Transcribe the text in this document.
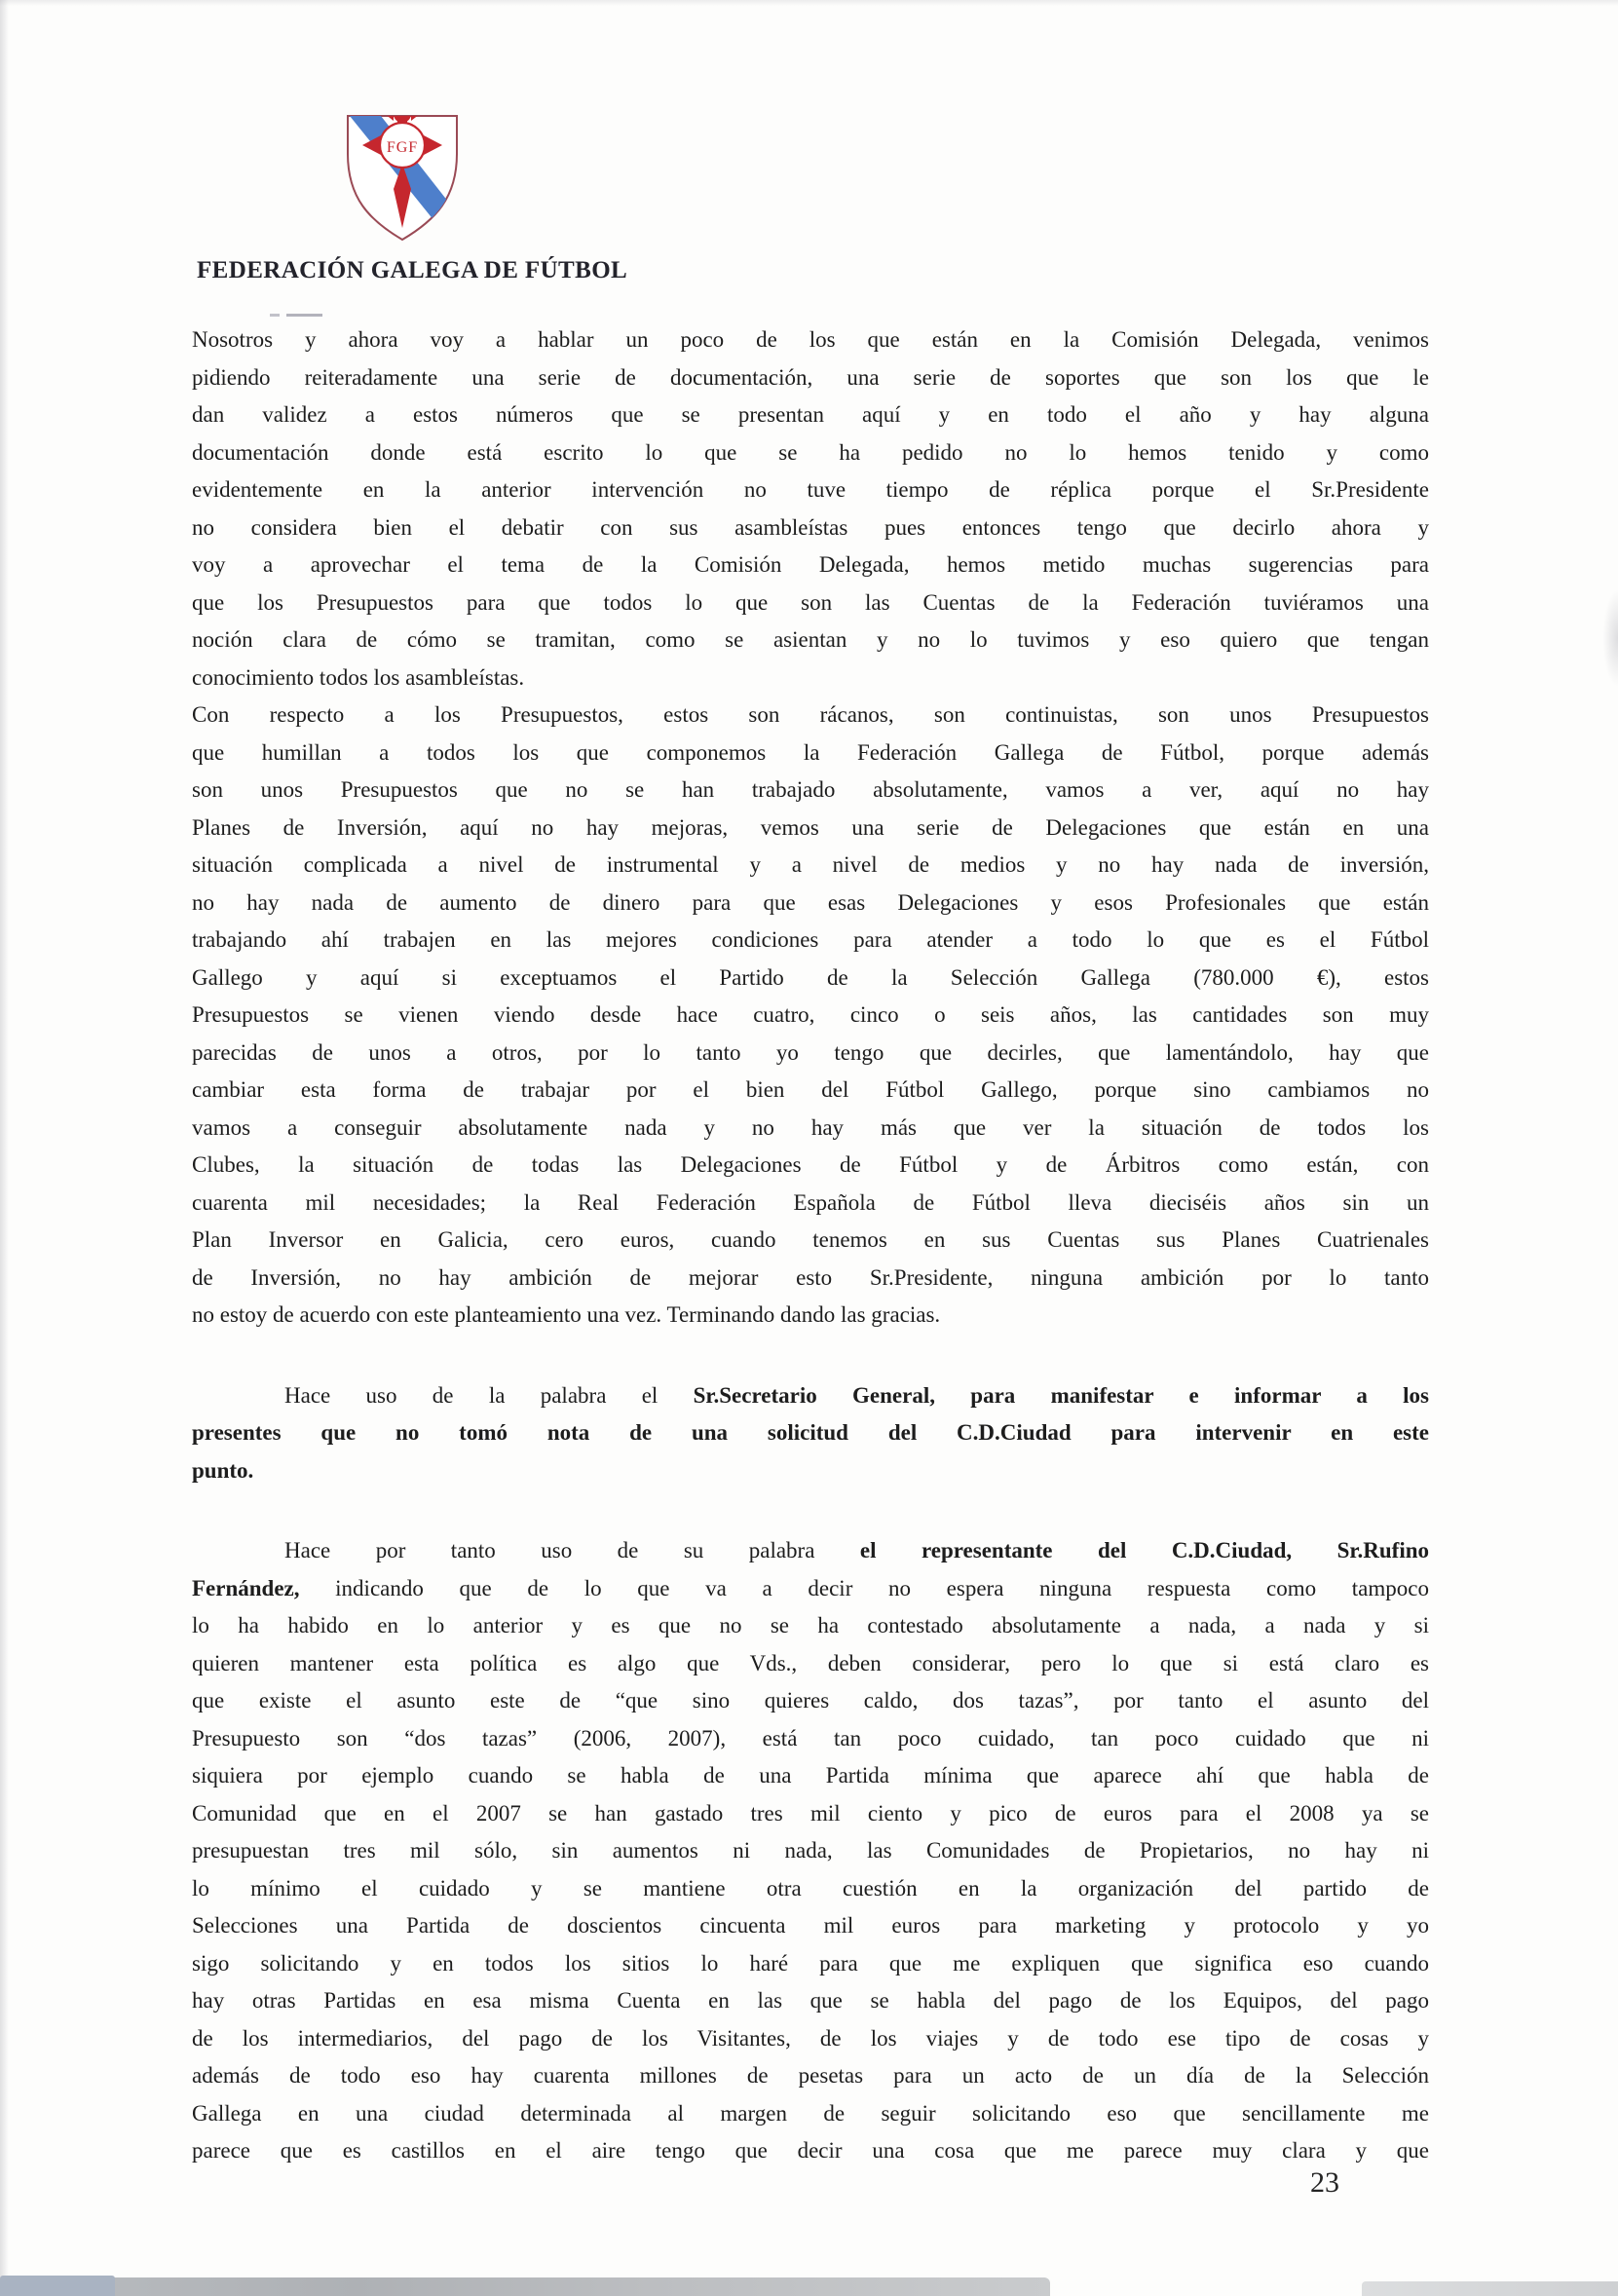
FGF
FEDERACIÓN GALEGA DE FÚTBOL
Nosotros y ahora voy a hablar un poco de los que están en la Comisión Delegada, venimos
pidiendo reiteradamente una serie de documentación, una serie de soportes que son los que le
dan validez a estos números que se presentan aquí y en todo el año y hay alguna
documentación donde está escrito lo que se ha pedido no lo hemos tenido y como
evidentemente en la anterior intervención no tuve tiempo de réplica porque el Sr.Presidente
no considera bien el debatir con sus asambleístas pues entonces tengo que decirlo ahora y
voy a aprovechar el tema de la Comisión Delegada, hemos metido muchas sugerencias para
que los Presupuestos para que todos lo que son las Cuentas de la Federación tuviéramos una
noción clara de cómo se tramitan, como se asientan y no lo tuvimos y eso quiero que tengan
conocimiento todos los asambleístas.
Con respecto a los Presupuestos, estos son rácanos, son continuistas, son unos Presupuestos
que humillan a todos los que componemos la Federación Gallega de Fútbol, porque además
son unos Presupuestos que no se han trabajado absolutamente, vamos a ver, aquí no hay
Planes de Inversión, aquí no hay mejoras, vemos una serie de Delegaciones que están en una
situación complicada a nivel de instrumental y a nivel de medios y no hay nada de inversión,
no hay nada de aumento de dinero para que esas Delegaciones y esos Profesionales que están
trabajando ahí trabajen en las mejores condiciones para atender a todo lo que es el Fútbol
Gallego y aquí si exceptuamos el Partido de la Selección Gallega (780.000 €), estos
Presupuestos se vienen viendo desde hace cuatro, cinco o seis años, las cantidades son muy
parecidas de unos a otros, por lo tanto yo tengo que decirles, que lamentándolo, hay que
cambiar esta forma de trabajar por el bien del Fútbol Gallego, porque sino cambiamos no
vamos a conseguir absolutamente nada y no hay más que ver la situación de todos los
Clubes, la situación de todas las Delegaciones de Fútbol y de Árbitros como están, con
cuarenta mil necesidades; la Real Federación Española de Fútbol lleva dieciséis años sin un
Plan Inversor en Galicia, cero euros, cuando tenemos en sus Cuentas sus Planes Cuatrienales
de Inversión, no hay ambición de mejorar esto Sr.Presidente, ninguna ambición por lo tanto
no estoy de acuerdo con este planteamiento una vez. Terminando dando las gracias.
Hace uso de la palabra el Sr.Secretario General, para manifestar e informar a los
presentes que no tomó nota de una solicitud del C.D.Ciudad para intervenir en este
punto.
Hace por tanto uso de su palabra el representante del C.D.Ciudad, Sr.Rufino
Fernández, indicando que de lo que va a decir no espera ninguna respuesta como tampoco
lo ha habido en lo anterior y es que no se ha contestado absolutamente a nada, a nada y si
quieren mantener esta política es algo que Vds., deben considerar, pero lo que si está claro es
que existe el asunto este de “que sino quieres caldo, dos tazas”, por tanto el asunto del
Presupuesto son “dos tazas” (2006, 2007), está tan poco cuidado, tan poco cuidado que ni
siquiera por ejemplo cuando se habla de una Partida mínima que aparece ahí que habla de
Comunidad que en el 2007 se han gastado tres mil ciento y pico de euros para el 2008 ya se
presupuestan tres mil sólo, sin aumentos ni nada, las Comunidades de Propietarios, no hay ni
lo mínimo el cuidado y se mantiene otra cuestión en la organización del partido de
Selecciones una Partida de doscientos cincuenta mil euros para marketing y protocolo y yo
sigo solicitando y en todos los sitios lo haré para que me expliquen que significa eso cuando
hay otras Partidas en esa misma Cuenta en las que se habla del pago de los Equipos, del pago
de los intermediarios, del pago de los Visitantes, de los viajes y de todo ese tipo de cosas y
además de todo eso hay cuarenta millones de pesetas para un acto de un día de la Selección
Gallega en una ciudad determinada al margen de seguir solicitando eso que sencillamente me
parece que es castillos en el aire tengo que decir una cosa que me parece muy clara y que
23
